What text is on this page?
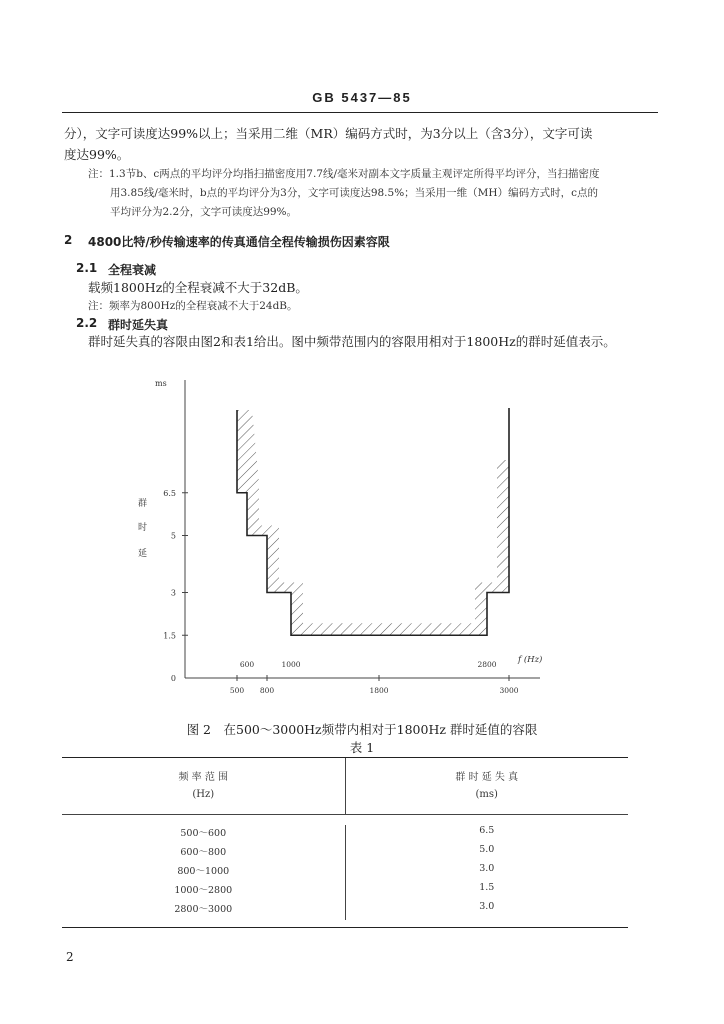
GB 5437—85
分），文字可读度达99%以上；当采用二维（MR）编码方式时，为3分以上（含3分），文字可读
度达99%。
注：1.3节b、c两点的平均评分均指扫描密度用7.7线/毫米对副本文字质量主观评定所得平均评分，当扫描密度
用3.85线/毫米时，b点的平均评分为3分，文字可读度达98.5%；当采用一维（MH）编码方式时，c点的
平均评分为2.2分，文字可读度达99%。
2 4800比特/秒传输速率的传真通信全程传输损伤因素容限
2.1 全程衰减
载频1800Hz的全程衰减不大于32dB。
注：频率为800Hz的全程衰减不大于24dB。
2.2 群时延失真
群时延失真的容限由图2和表1给出。图中频带范围内的容限用相对于1800Hz的群时延值表示。
6.5
5
3
1.5
0
500 800	1800	3000
600	1000	2800
ms
群
时
延
f (Hz)
图 2　在500～3000Hz频带内相对于1800Hz 群时延值的容限
表 1
频 率 范 围
(Hz)
群 时 延 失 真
(ms)
500～600	6.5
600～800	5.0
800～1000	3.0
1000～2800	1.5
2800～3000	3.0
2
